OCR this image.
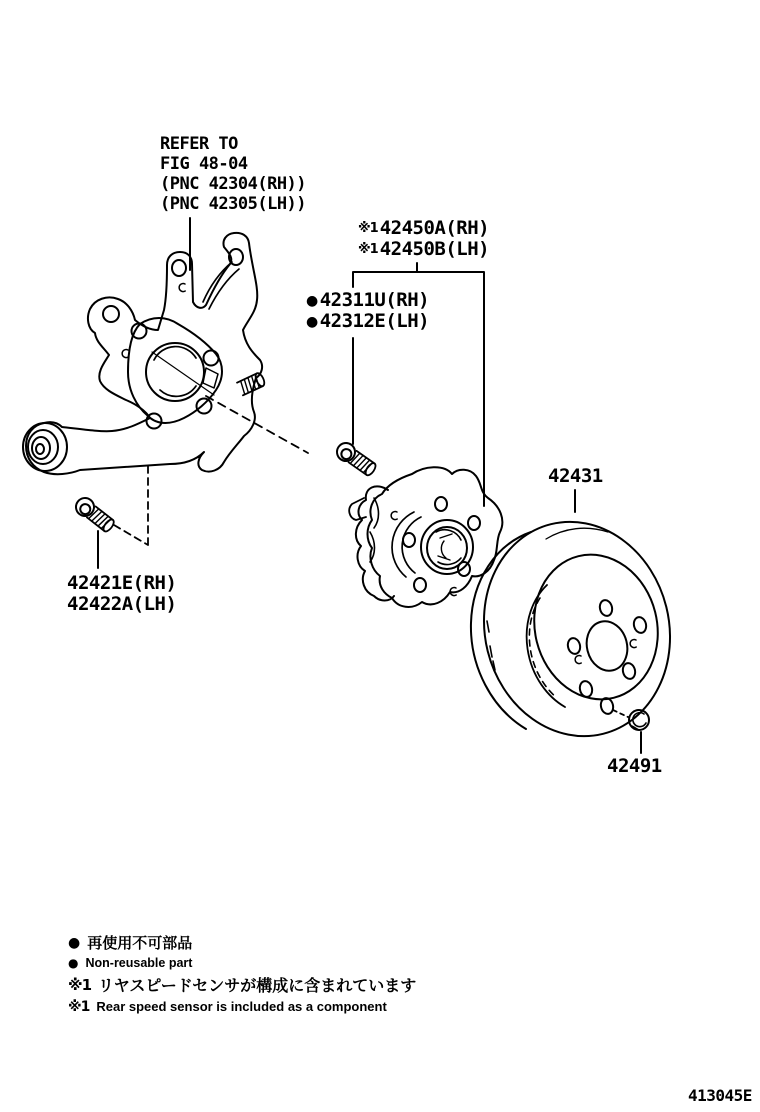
REFER TO
FIG 48-04
(PNC 42304(RH))
(PNC 42305(LH))
※1 42450A(RH)
※1 42450B(LH)
● 42311U(RH)
● 42312E(LH)
42431
42421E(RH)
42422A(LH)
42491
● 再使用不可部品
● Non-reusable part
※1 リヤスピードセンサが構成に含まれています
※1 Rear speed sensor is included as a component
413045E
